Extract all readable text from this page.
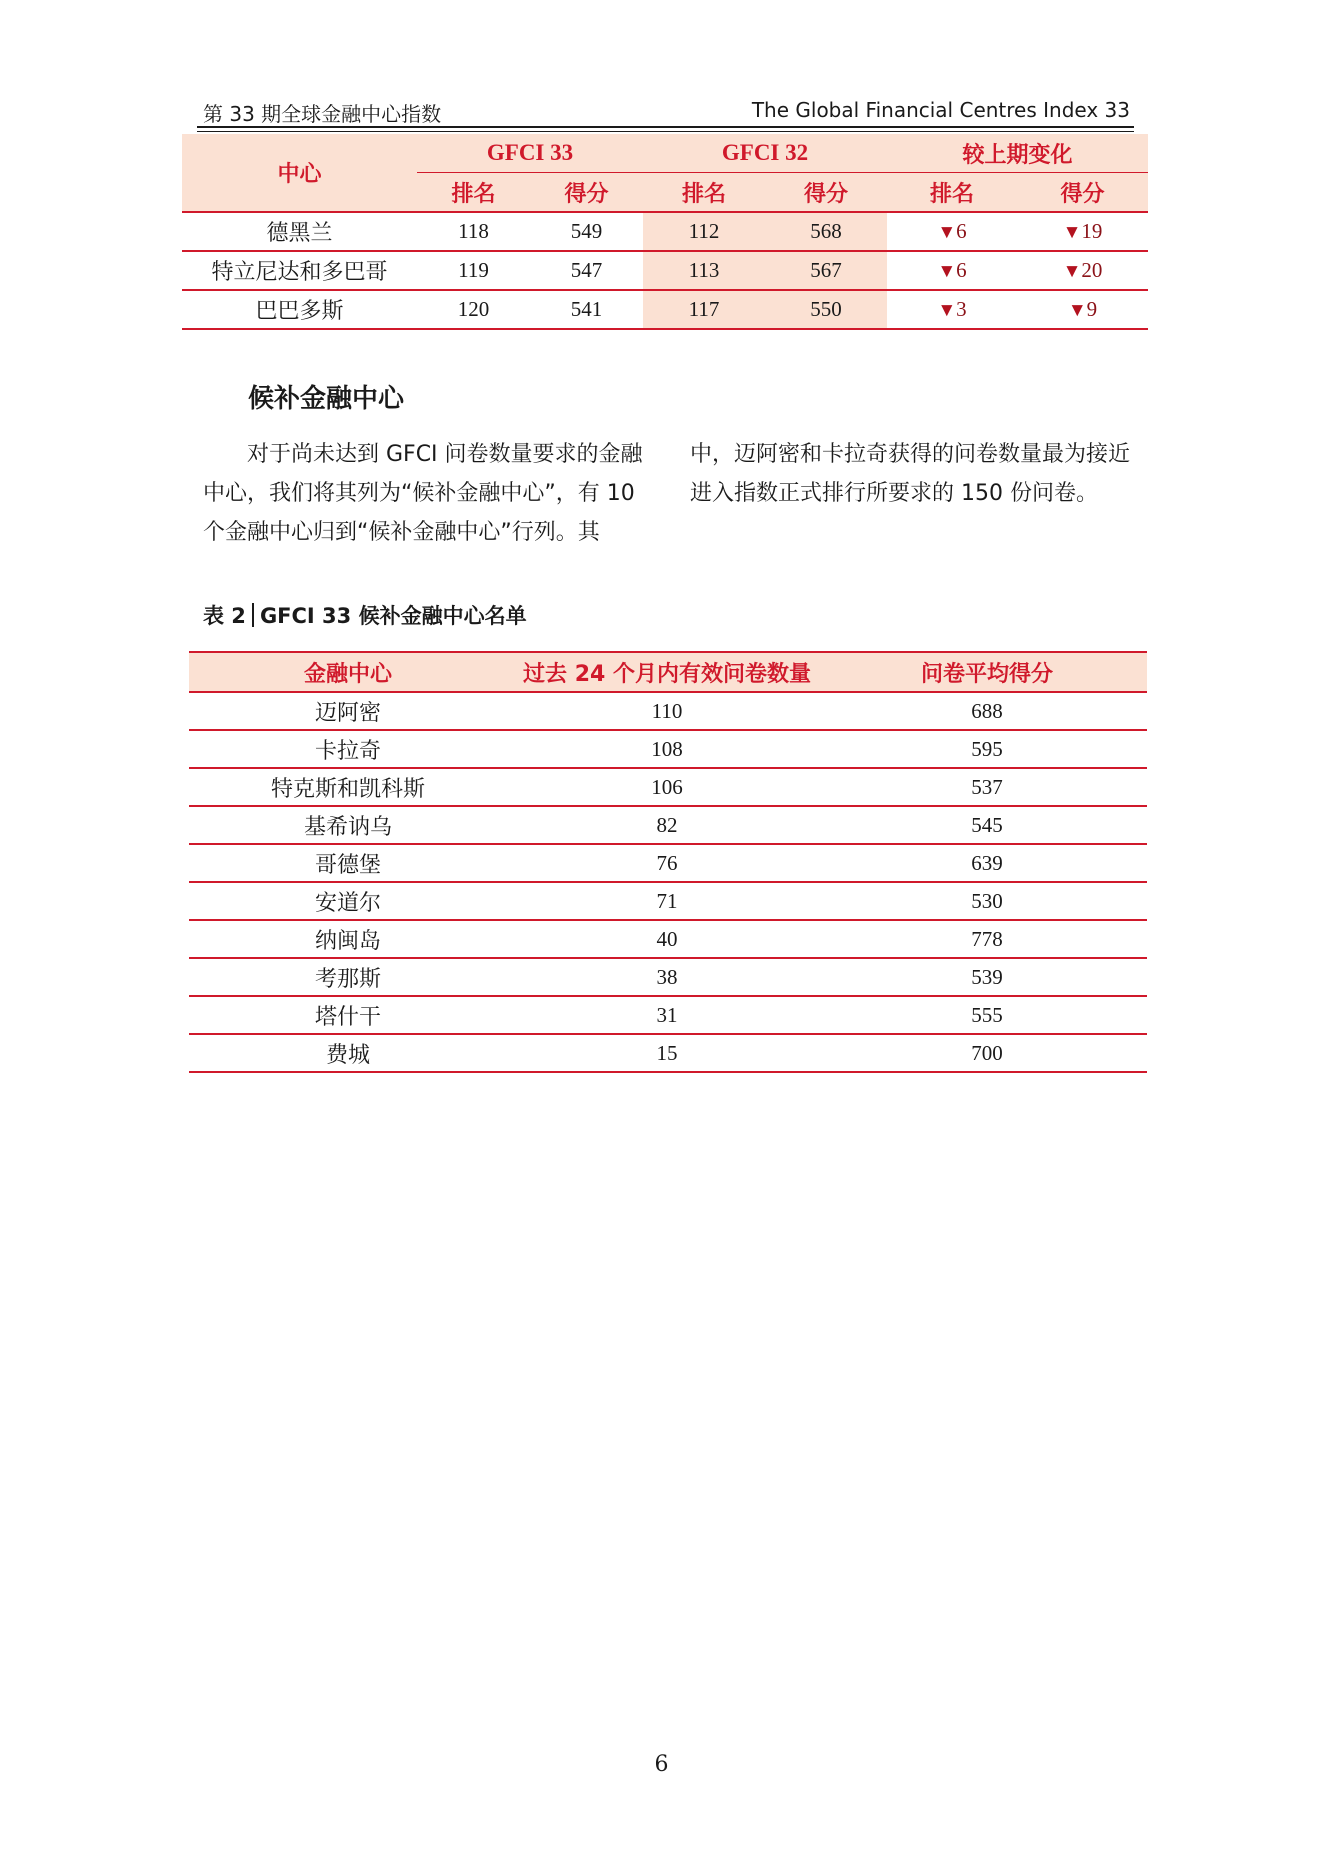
第 33 期全球金融中心指数	The Global Financial Centres Index 33
中心	GFCI 33		GFCI 32		较上期变化	
	排名	得分	排名	得分	排名	得分
德黑兰	118	549	112	568	▼6	▼19
特立尼达和多巴哥	119	547	113	567	▼6	▼20
巴巴多斯	120	541	117	550	▼3	▼9
候补金融中心
对于尚未达到 GFCI 问卷数量要求的金融中心，我们将其列为“候补金融中心”，有 10 个金融中心归到“候补金融中心”行列。其
中，迈阿密和卡拉奇获得的问卷数量最为接近进入指数正式排行所要求的 150 份问卷。
表 2 GFCI 33 候补金融中心名单

金融中心	过去 24 个月内有效问卷数量	问卷平均得分
迈阿密	110	688
卡拉奇	108	595
特克斯和凯科斯	106	537
基希讷乌	82	545
哥德堡	76	639
安道尔	71	530
纳闽岛	40	778
考那斯	38	539
塔什干	31	555
费城	15	700
6
